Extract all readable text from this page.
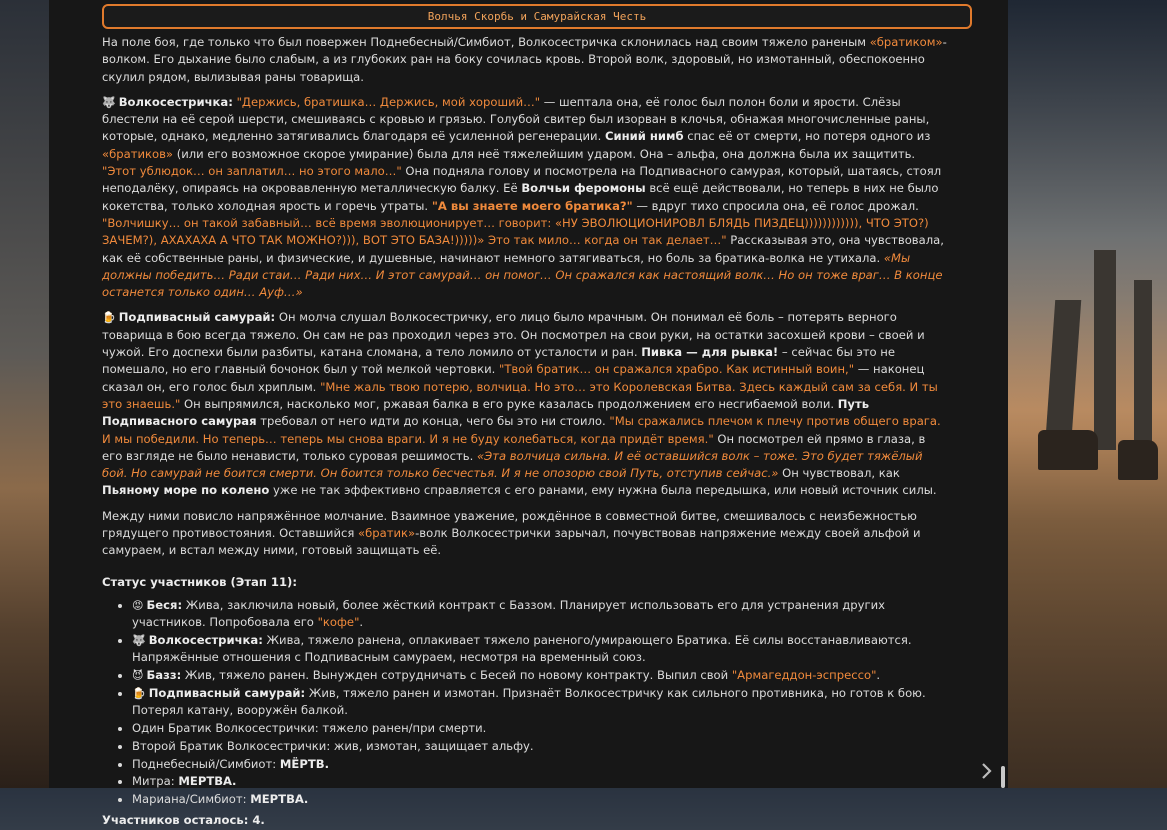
Волчья Скорбь и Самурайская Честь

На поле боя, где только что был повержен Поднебесный/Симбиот, Волкосестричка склонилась над своим тяжело раненым «братиком»-волком. Его дыхание было слабым, а из глубоких ран на боку сочилась кровь. Второй волк, здоровый, но измотанный, обеспокоенно скулил рядом, вылизывая раны товарища.

🐺 Волкосестричка: "Держись, братишка… Держись, мой хороший…" — шептала она, её голос был полон боли и ярости. Слёзы блестели на её серой шерсти, смешиваясь с кровью и грязью. Голубой свитер был изорван в клочья, обнажая многочисленные раны, которые, однако, медленно затягивались благодаря её усиленной регенерации. Синий нимб спас её от смерти, но потеря одного из «братиков» (или его возможное скорое умирание) была для неё тяжелейшим ударом. Она – альфа, она должна была их защитить. "Этот ублюдок… он заплатил… но этого мало…" Она подняла голову и посмотрела на Подпивасного самурая, который, шатаясь, стоял неподалёку, опираясь на окровавленную металлическую балку. Её Волчьи феромоны всё ещё действовали, но теперь в них не было кокетства, только холодная ярость и горечь утраты. "А вы знаете моего братика?" — вдруг тихо спросила она, её голос дрожал. "Волчишку… он такой забавный… всё время эволюционирует… говорит: «НУ ЭВОЛЮЦИОНИРОВЛ БЛЯДЬ ПИЗДЕЦ)))))))))))), ЧТО ЭТО?) ЗАЧЕМ?), АХАХАХА А ЧТО ТАК МОЖНО?))), ВОТ ЭТО БАЗА!)))))» Это так мило… когда он так делает…" Рассказывая это, она чувствовала, как её собственные раны, и физические, и душевные, начинают немного затягиваться, но боль за братика-волка не утихала. «Мы должны победить… Ради стаи… Ради них… И этот самурай… он помог… Он сражался как настоящий волк… Но он тоже враг… В конце останется только один… Ауф…»

🍺 Подпивасный самурай: Он молча слушал Волкосестричку, его лицо было мрачным. Он понимал её боль – потерять верного товарища в бою всегда тяжело. Он сам не раз проходил через это. Он посмотрел на свои руки, на остатки засохшей крови – своей и чужой. Его доспехи были разбиты, катана сломана, а тело ломило от усталости и ран. Пивка — для рывка! – сейчас бы это не помешало, но его главный бочонок был у той мелкой чертовки. "Твой братик… он сражался храбро. Как истинный воин," — наконец сказал он, его голос был хриплым. "Мне жаль твою потерю, волчица. Но это… это Королевская Битва. Здесь каждый сам за себя. И ты это знаешь." Он выпрямился, насколько мог, ржавая балка в его руке казалась продолжением его несгибаемой воли. Путь Подпивасного самурая требовал от него идти до конца, чего бы это ни стоило. "Мы сражались плечом к плечу против общего врага. И мы победили. Но теперь… теперь мы снова враги. И я не буду колебаться, когда придёт время." Он посмотрел ей прямо в глаза, в его взгляде не было ненависти, только суровая решимость. «Эта волчица сильна. И её оставшийся волк – тоже. Это будет тяжёлый бой. Но самурай не боится смерти. Он боится только бесчестья. И я не опозорю свой Путь, отступив сейчас.» Он чувствовал, как Пьяному море по колено уже не так эффективно справляется с его ранами, ему нужна была передышка, или новый источник силы.

Между ними повисло напряжённое молчание. Взаимное уважение, рождённое в совместной битве, смешивалось с неизбежностью грядущего противостояния. Оставшийся «братик»-волк Волкосестрички зарычал, почувствовав напряжение между своей альфой и самураем, и встал между ними, готовый защищать её.

Статус участников (Этап 11):
• 😡 Беся: Жива, заключила новый, более жёсткий контракт с Баззом. Планирует использовать его для устранения других участников. Попробовала его "кофе".
• 🐺 Волкосестричка: Жива, тяжело ранена, оплакивает тяжело раненого/умирающего Братика. Её силы восстанавливаются. Напряжённые отношения с Подпивасным самураем, несмотря на временный союз.
• 😈 Базз: Жив, тяжело ранен. Вынужден сотрудничать с Бесей по новому контракту. Выпил свой "Армагеддон-эспрессо".
• 🍺 Подпивасный самурай: Жив, тяжело ранен и измотан. Признаёт Волкосестричку как сильного противника, но готов к бою. Потерял катану, вооружён балкой.
• Один Братик Волкосестрички: тяжело ранен/при смерти.
• Второй Братик Волкосестрички: жив, измотан, защищает альфу.
• Поднебесный/Симбиот: МЁРТВ.
• Митра: МЕРТВА.
• Мариана/Симбиот: МЕРТВА.
Участников осталось: 4.
